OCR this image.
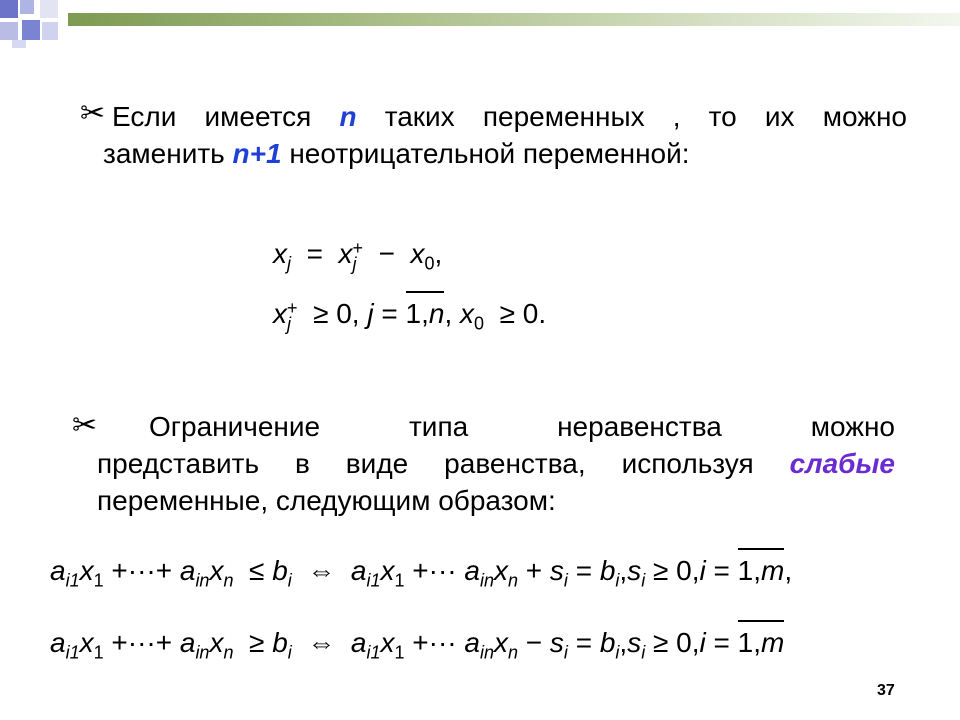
✂ Если имеется n таких переменных , то их можно
заменить n+1 неотрицательной переменной:
$x_j = x$ +
$j - x_0$,
x +
j ≥ 0, j = 1,n, $x_0 \ge 0$.
✂	Ограничение	типа	неравенства	можно
представить в виде равенства, используя слабые
переменные, следующим образом:
$a_{i1}x_1$ +···+ $a_{in}x_n \le b_i$ ⇔ $a_{i1}x_1$ +··· $a_{in}x_n + s_i = b_i,s_i \ge 0,i = 1,m$,
$a_{i1}x_1$ +···+ $a_{in}x_n \ge b_i$ ⇔ $a_{i1}x_1$ +··· $a_{in}x_n - s_i = b_i,s_i \ge 0,i = 1,m$
37
